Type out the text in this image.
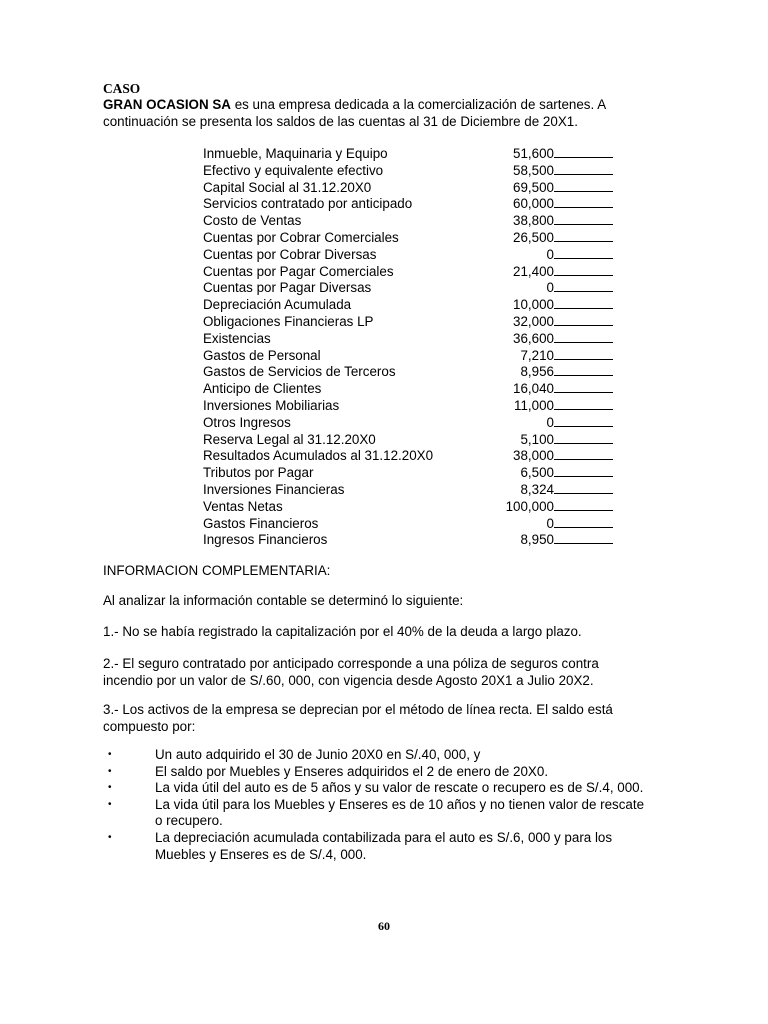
CASO
GRAN OCASION SA es una empresa dedicada a la comercialización de sartenes. A
continuación se presenta los saldos de las cuentas al 31 de Diciembre de 20X1.
Inmueble, Maquinaria y Equipo	51,600
Efectivo y equivalente efectivo	58,500
Capital Social al 31.12.20X0	69,500
Servicios contratado por anticipado	60,000
Costo de Ventas	38,800
Cuentas por Cobrar Comerciales	26,500
Cuentas por Cobrar Diversas	0
Cuentas por Pagar Comerciales	21,400
Cuentas por Pagar Diversas	0
Depreciación Acumulada	10,000
Obligaciones Financieras LP	32,000
Existencias	36,600
Gastos de Personal	7,210
Gastos de Servicios de Terceros	8,956
Anticipo de Clientes	16,040
Inversiones Mobiliarias	11,000
Otros Ingresos	0
Reserva Legal al 31.12.20X0	5,100
Resultados Acumulados al 31.12.20X0	38,000
Tributos por Pagar	6,500
Inversiones Financieras	8,324
Ventas Netas	100,000
Gastos Financieros	0
Ingresos Financieros	8,950
INFORMACION COMPLEMENTARIA:
Al analizar la información contable se determinó lo siguiente:
1.- No se había registrado la capitalización por el 40% de la deuda a largo plazo.
2.- El seguro contratado por anticipado corresponde a una póliza de seguros contra
incendio por un valor de S/.60, 000, con vigencia desde Agosto 20X1 a Julio 20X2.
3.- Los activos de la empresa se deprecian por el método de línea recta. El saldo está
compuesto por:
•	Un auto adquirido el 30 de Junio 20X0 en S/.40, 000, y
•	El saldo por Muebles y Enseres adquiridos el 2 de enero de 20X0.
•	La vida útil del auto es de 5 años y su valor de rescate o recupero es de S/.4, 000.
•	La vida útil para los Muebles y Enseres es de 10 años y no tienen valor de rescate o recupero.
•	La depreciación acumulada contabilizada para el auto es S/.6, 000 y para los Muebles y Enseres es de S/.4, 000.
60
